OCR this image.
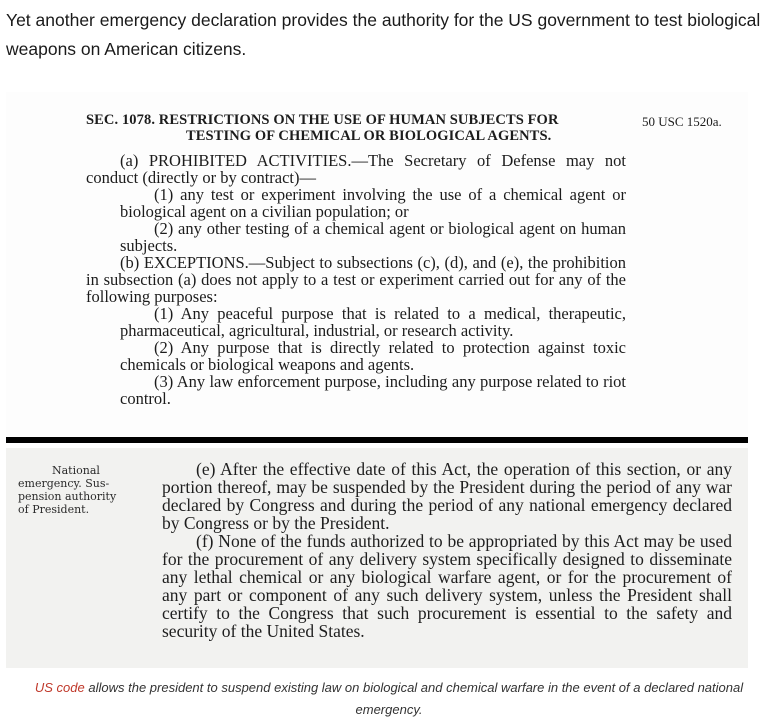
Yet another emergency declaration provides the authority for the US government to test biological weapons on American citizens.
SEC. 1078. RESTRICTIONS ON THE USE OF HUMAN SUBJECTS FOR
TESTING OF CHEMICAL OR BIOLOGICAL AGENTS.
50 USC 1520a.

(a) PROHIBITED ACTIVITIES.—The Secretary of Defense may not conduct (directly or by contract)—

(1) any test or experiment involving the use of a chemical agent or biological agent on a civilian population; or

(2) any other testing of a chemical agent or biological agent on human subjects.

(b) EXCEPTIONS.—Subject to subsections (c), (d), and (e), the prohibition in subsection (a) does not apply to a test or experiment carried out for any of the following purposes:

(1) Any peaceful purpose that is related to a medical, therapeutic, pharmaceutical, agricultural, industrial, or research activity.

(2) Any purpose that is directly related to protection against toxic chemicals or biological weapons and agents.

(3) Any law enforcement purpose, including any purpose related to riot control.

National
emergency. Sus-
pension authority
of President.

(e) After the effective date of this Act, the operation of this section, or any portion thereof, may be suspended by the President during the period of any war declared by Congress and during the period of any national emergency declared by Congress or by the President.

(f) None of the funds authorized to be appropriated by this Act may be used for the procurement of any delivery system specifically designed to disseminate any lethal chemical or any biological warfare agent, or for the procurement of any part or component of any such delivery system, unless the President shall certify to the Congress that such procurement is essential to the safety and security of the United States.

US code allows the president to suspend existing law on biological and chemical warfare in the event of a declared national emergency.
